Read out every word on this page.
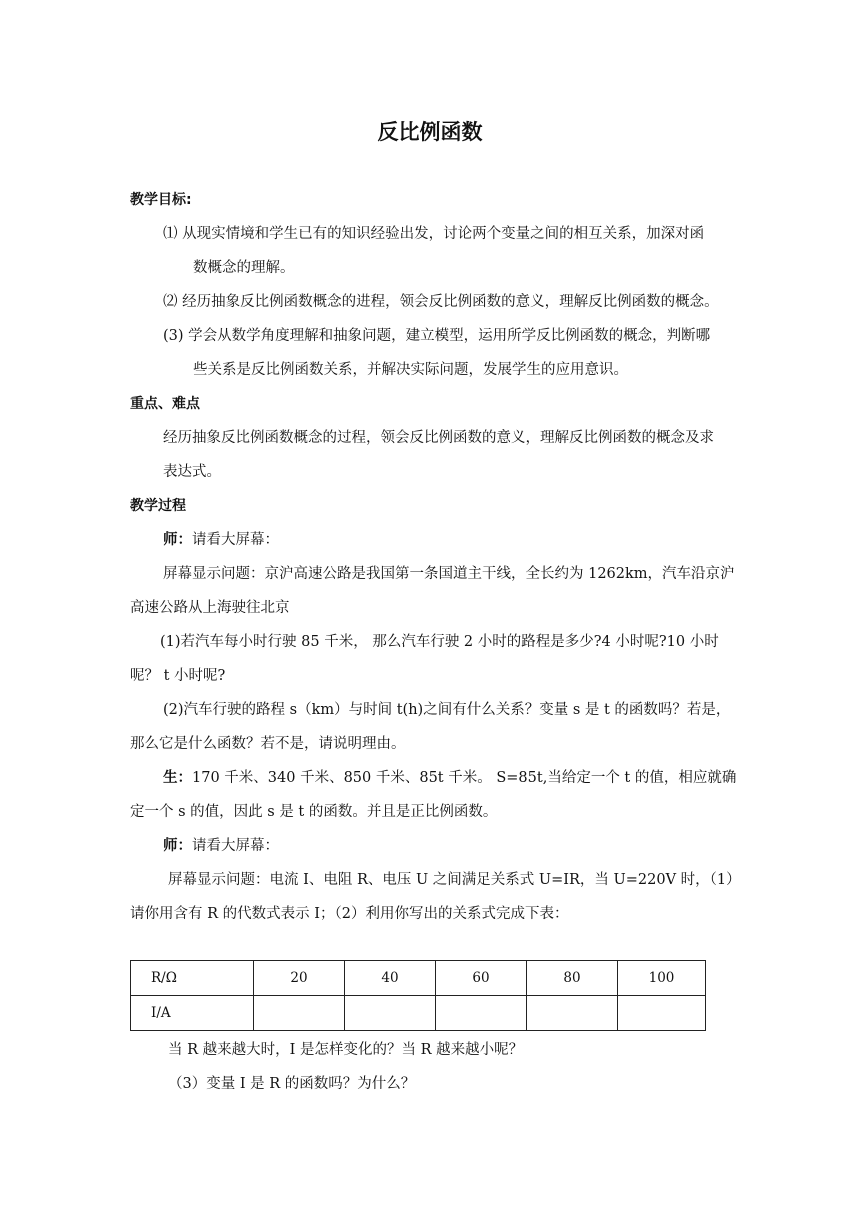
反比例函数
教学目标:
⑴ 从现实情境和学生已有的知识经验出发，讨论两个变量之间的相互关系，加深对函
数概念的理解。
⑵ 经历抽象反比例函数概念的进程，领会反比例函数的意义，理解反比例函数的概念。
(3) 学会从数学角度理解和抽象问题，建立模型，运用所学反比例函数的概念，判断哪
些关系是反比例函数关系，并解决实际问题，发展学生的应用意识。
重点、难点
经历抽象反比例函数概念的过程，领会反比例函数的意义，理解反比例函数的概念及求
表达式。
教学过程
师：请看大屏幕：
屏幕显示问题：京沪高速公路是我国第一条国道主干线，全长约为 1262km，汽车沿京沪
高速公路从上海驶往北京
(1)若汽车每小时行驶 85 千米， 那么汽车行驶 2 小时的路程是多少?4 小时呢?10 小时
呢？ t 小时呢?
(2)汽车行驶的路程 s（km）与时间 t(h)之间有什么关系？变量 s 是 t 的函数吗？若是，
那么它是什么函数？若不是，请说明理由。
生：170 千米、340 千米、850 千米、85t 千米。 S=85t,当给定一个 t 的值，相应就确
定一个 s 的值，因此 s 是 t 的函数。并且是正比例函数。
师：请看大屏幕：
屏幕显示问题：电流 I、电阻 R、电压 U 之间满足关系式 U=IR，当 U=220V 时，（1）
请你用含有 R 的代数式表示 I；（2）利用你写出的关系式完成下表：
R/Ω	20	40	60	80	100
I/A					
当 R 越来越大时，I 是怎样变化的？当 R 越来越小呢？
（3）变量 I 是 R 的函数吗？为什么？
